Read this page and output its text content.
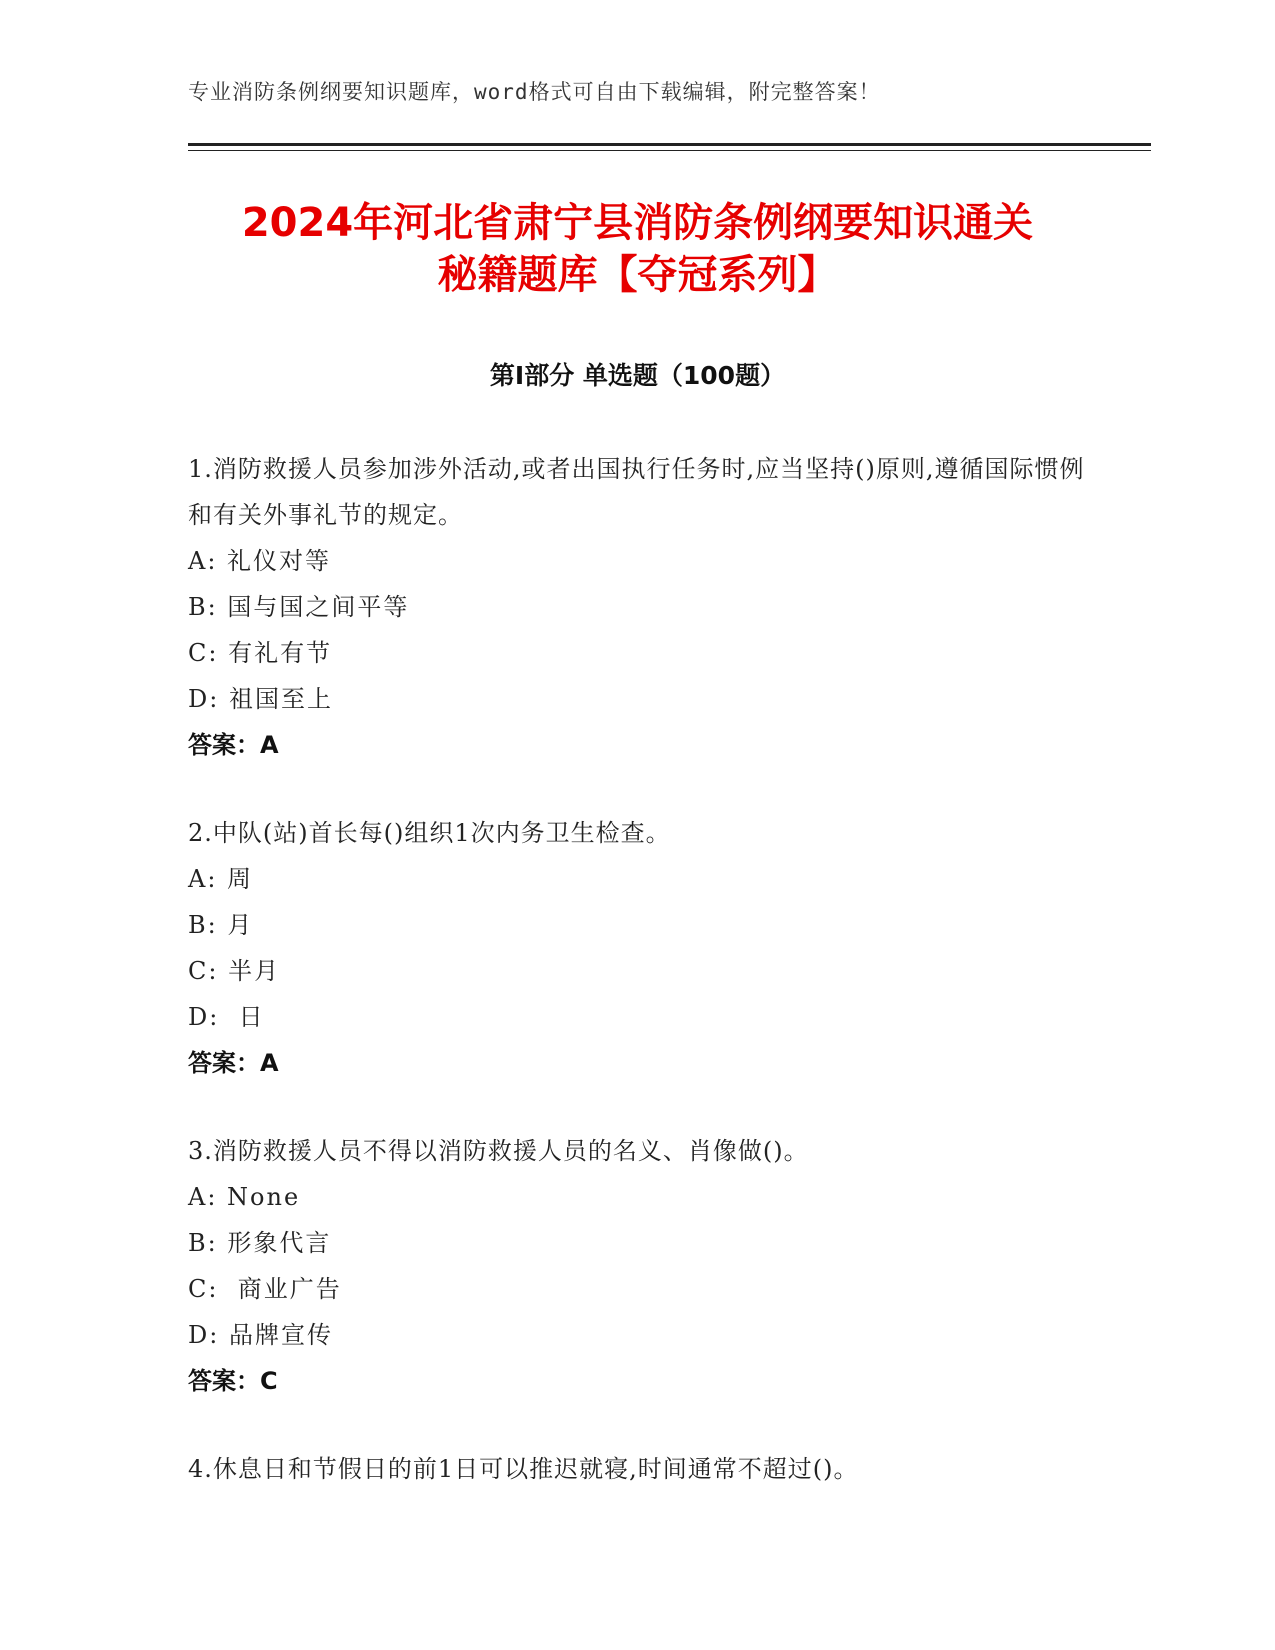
专业消防条例纲要知识题库，word格式可自由下载编辑，附完整答案！
2024年河北省肃宁县消防条例纲要知识通关
秘籍题库【夺冠系列】
第Ⅰ部分 单选题（100题）

1.消防救援人员参加涉外活动,或者出国执行任务时,应当坚持()原则,遵循国际惯例和有关外事礼节的规定。

A: 礼仪对等

B: 国与国之间平等

C: 有礼有节

D: 祖国至上

答案：A

2.中队(站)首长每()组织1次内务卫生检查。

A: 周

B: 月

C: 半月

D:  日

答案：A

3.消防救援人员不得以消防救援人员的名义、肖像做()。

A: None

B: 形象代言

C:  商业广告

D: 品牌宣传

答案：C

4.休息日和节假日的前1日可以推迟就寝,时间通常不超过()。
